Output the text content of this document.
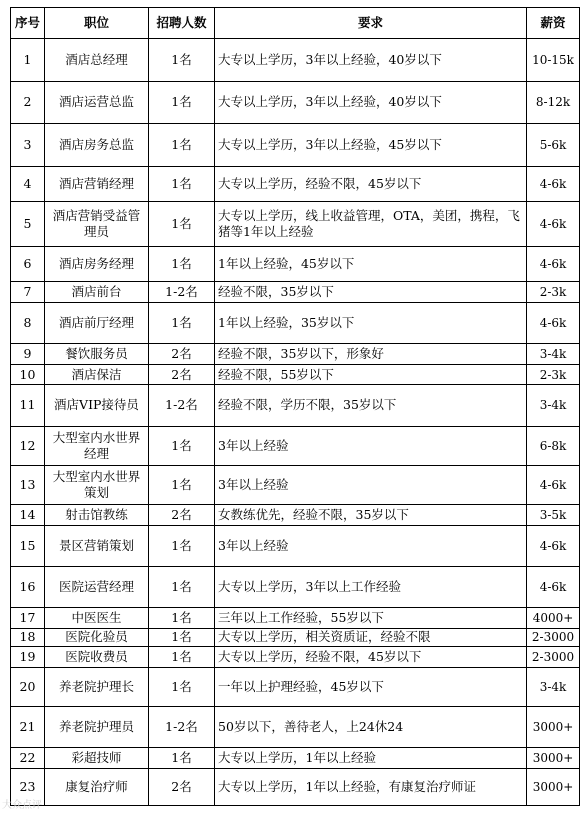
序号	职位	招聘人数	要求	薪资
1	酒店总经理	1名	大专以上学历，3年以上经验，40岁以下	10-15k
2	酒店运营总监	1名	大专以上学历，3年以上经验，40岁以下	8-12k
3	酒店房务总监	1名	大专以上学历，3年以上经验，45岁以下	5-6k
4	酒店营销经理	1名	大专以上学历，经验不限，45岁以下	4-6k
5	酒店营销受益管理员	1名	大专以上学历，线上收益管理，OTA，美团，携程，飞猪等1年以上经验	4-6k
6	酒店房务经理	1名	1年以上经验，45岁以下	4-6k
7	酒店前台	1-2名	经验不限，35岁以下	2-3k
8	酒店前厅经理	1名	1年以上经验，35岁以下	4-6k
9	餐饮服务员	2名	经验不限，35岁以下，形象好	3-4k
10	酒店保洁	2名	经验不限，55岁以下	2-3k
11	酒店VIP接待员	1-2名	经验不限，学历不限，35岁以下	3-4k
12	大型室内水世界经理	1名	3年以上经验	6-8k
13	大型室内水世界策划	1名	3年以上经验	4-6k
14	射击馆教练	2名	女教练优先，经验不限，35岁以下	3-5k
15	景区营销策划	1名	3年以上经验	4-6k
16	医院运营经理	1名	大专以上学历，3年以上工作经验	4-6k
17	中医医生	1名	三年以上工作经验，55岁以下	4000+
18	医院化验员	1名	大专以上学历，相关资质证，经验不限	2-3000
19	医院收费员	1名	大专以上学历，经验不限，45岁以下	2-3000
20	养老院护理长	1名	一年以上护理经验，45岁以下	3-4k
21	养老院护理员	1-2名	50岁以下，善待老人，上24休24	3000+
22	彩超技师	1名	大专以上学历，1年以上经验	3000+
23	康复治疗师	2名	大专以上学历，1年以上经验，有康复治疗师证	3000+
大众点评
